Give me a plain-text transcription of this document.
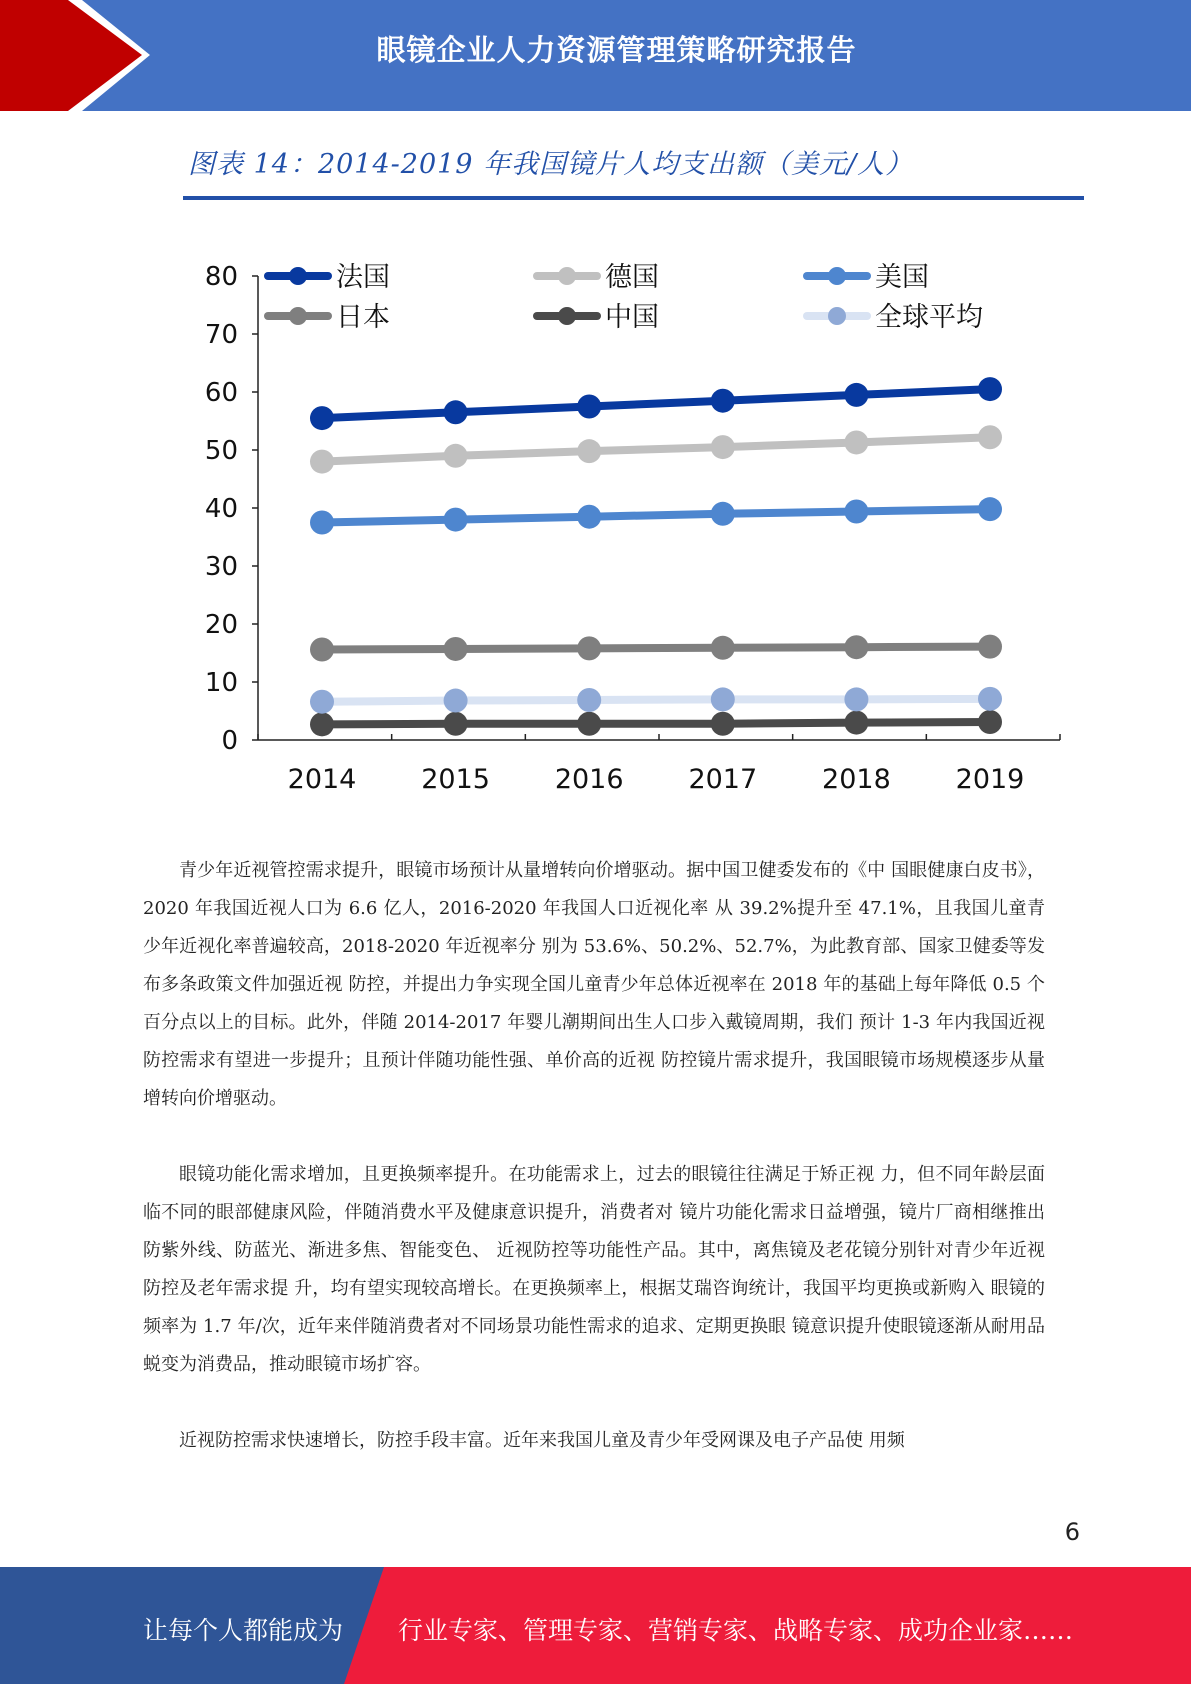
眼镜企业人力资源管理策略研究报告
图表 14：2014-2019 年我国镜片人均支出额（美元/人）
0
10
20
30
40
50
60
70
80
2014 2015 2016 2017 2018 2019
法国	德国	美国
日本	中国	全球平均

青少年近视管控需求提升，眼镜市场预计从量增转向价增驱动。据中国卫健委发布的《中 国眼健康白皮书》，2020 年我国近视人口为 6.6 亿人，2016-2020 年我国人口近视化率 从 39.2%提升至 47.1%，且我国儿童青少年近视化率普遍较高，2018-2020 年近视率分 别为 53.6%、50.2%、52.7%，为此教育部、国家卫健委等发布多条政策文件加强近视 防控，并提出力争实现全国儿童青少年总体近视率在 2018 年的基础上每年降低 0.5 个 百分点以上的目标。此外，伴随 2014-2017 年婴儿潮期间出生人口步入戴镜周期，我们 预计 1-3 年内我国近视防控需求有望进一步提升；且预计伴随功能性强、单价高的近视 防控镜片需求提升，我国眼镜市场规模逐步从量增转向价增驱动。

眼镜功能化需求增加，且更换频率提升。在功能需求上，过去的眼镜往往满足于矫正视 力，但不同年龄层面临不同的眼部健康风险，伴随消费水平及健康意识提升，消费者对 镜片功能化需求日益增强，镜片厂商相继推出防紫外线、防蓝光、渐进多焦、智能变色、 近视防控等功能性产品。其中，离焦镜及老花镜分别针对青少年近视防控及老年需求提 升，均有望实现较高增长。在更换频率上，根据艾瑞咨询统计，我国平均更换或新购入 眼镜的频率为 1.7 年/次，近年来伴随消费者对不同场景功能性需求的追求、定期更换眼 镜意识提升使眼镜逐渐从耐用品蜕变为消费品，推动眼镜市场扩容。

近视防控需求快速增长，防控手段丰富。近年来我国儿童及青少年受网课及电子产品使 用频

6
让每个人都能成为 行业专家、管理专家、营销专家、战略专家、成功企业家……
